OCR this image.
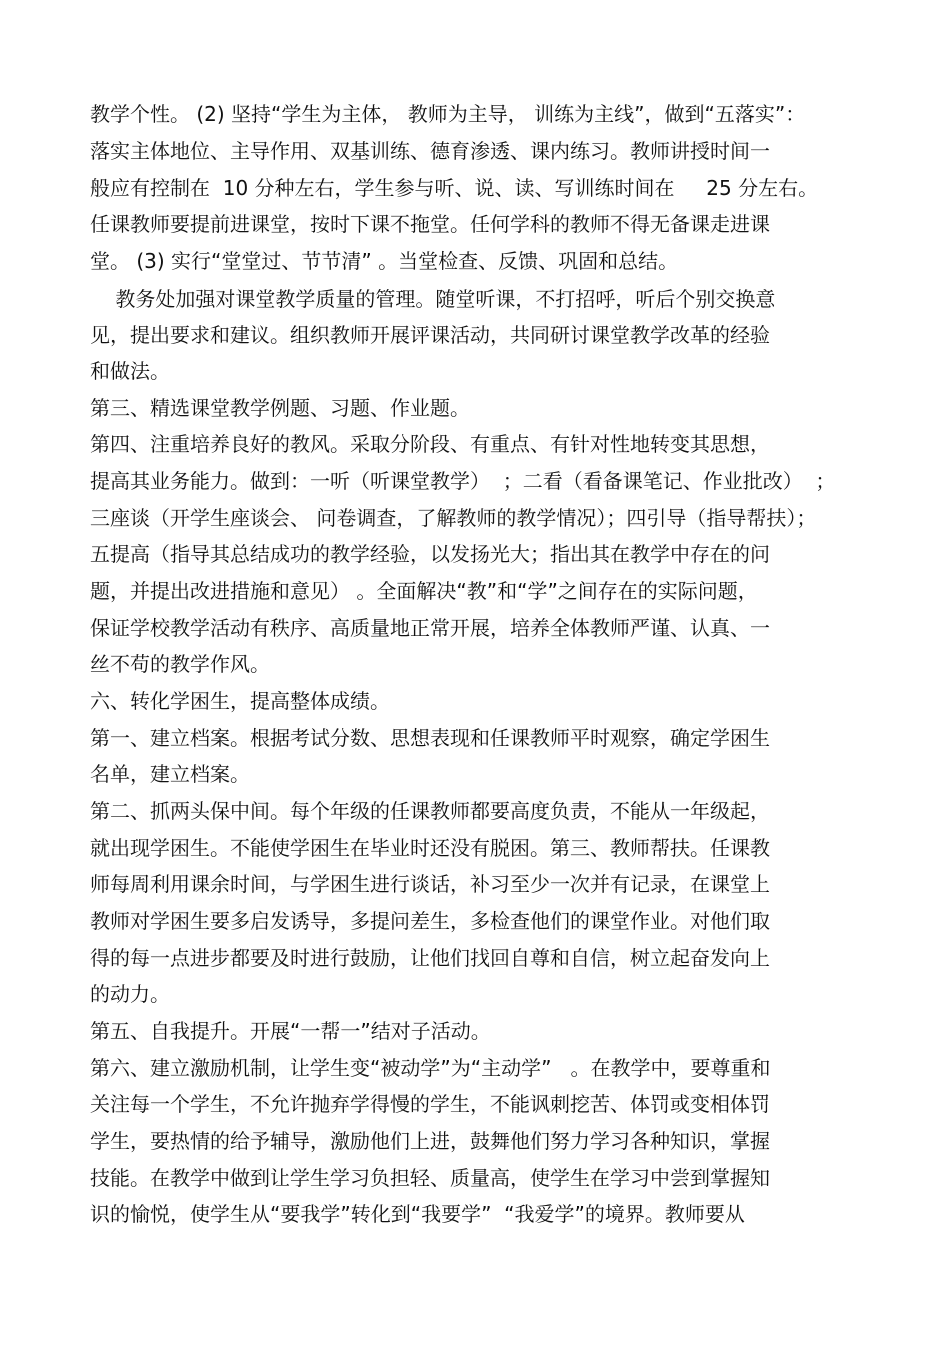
教学个性。 (2) 坚持“学生为主体， 教师为主导， 训练为主线”，做到“五落实”：
落实主体地位、主导作用、双基训练、德育渗透、课内练习。教师讲授时间一
般应有控制在  10 分种左右，学生参与听、说、读、写训练时间在     25 分左右。
任课教师要提前进课堂，按时下课不拖堂。任何学科的教师不得无备课走进课
堂。 (3) 实行“堂堂过、节节清” 。当堂检查、反馈、巩固和总结。
教务处加强对课堂教学质量的管理。随堂听课，不打招呼，听后个别交换意
见，提出要求和建议。组织教师开展评课活动，共同研讨课堂教学改革的经验
和做法。
第三、精选课堂教学例题、习题、作业题。
第四、注重培养良好的教风。采取分阶段、有重点、有针对性地转变其思想，
提高其业务能力。做到：一听（听课堂教学）  ；二看（看备课笔记、作业批改）  ；
三座谈（开学生座谈会、 问卷调查，了解教师的教学情况）；四引导（指导帮扶）；
五提高（指导其总结成功的教学经验，以发扬光大；指出其在教学中存在的问
题，并提出改进措施和意见） 。全面解决“教”和“学”之间存在的实际问题，
保证学校教学活动有秩序、高质量地正常开展，培养全体教师严谨、认真、一
丝不苟的教学作风。
六、转化学困生，提高整体成绩。
第一、建立档案。根据考试分数、思想表现和任课教师平时观察，确定学困生
名单，建立档案。
第二、抓两头保中间。每个年级的任课教师都要高度负责，不能从一年级起，
就出现学困生。不能使学困生在毕业时还没有脱困。第三、教师帮扶。任课教
师每周利用课余时间，与学困生进行谈话，补习至少一次并有记录，在课堂上
教师对学困生要多启发诱导，多提问差生，多检查他们的课堂作业。对他们取
得的每一点进步都要及时进行鼓励，让他们找回自尊和自信，树立起奋发向上
的动力。
第五、自我提升。开展“一帮一”结对子活动。
第六、建立激励机制，让学生变“被动学”为“主动学”   。在教学中，要尊重和
关注每一个学生，不允许抛弃学得慢的学生，不能讽刺挖苦、体罚或变相体罚
学生，要热情的给予辅导，激励他们上进，鼓舞他们努力学习各种知识，掌握
技能。在教学中做到让学生学习负担轻、质量高，使学生在学习中尝到掌握知
识的愉悦，使学生从“要我学”转化到“我要学”  “我爱学”的境界。教师要从
